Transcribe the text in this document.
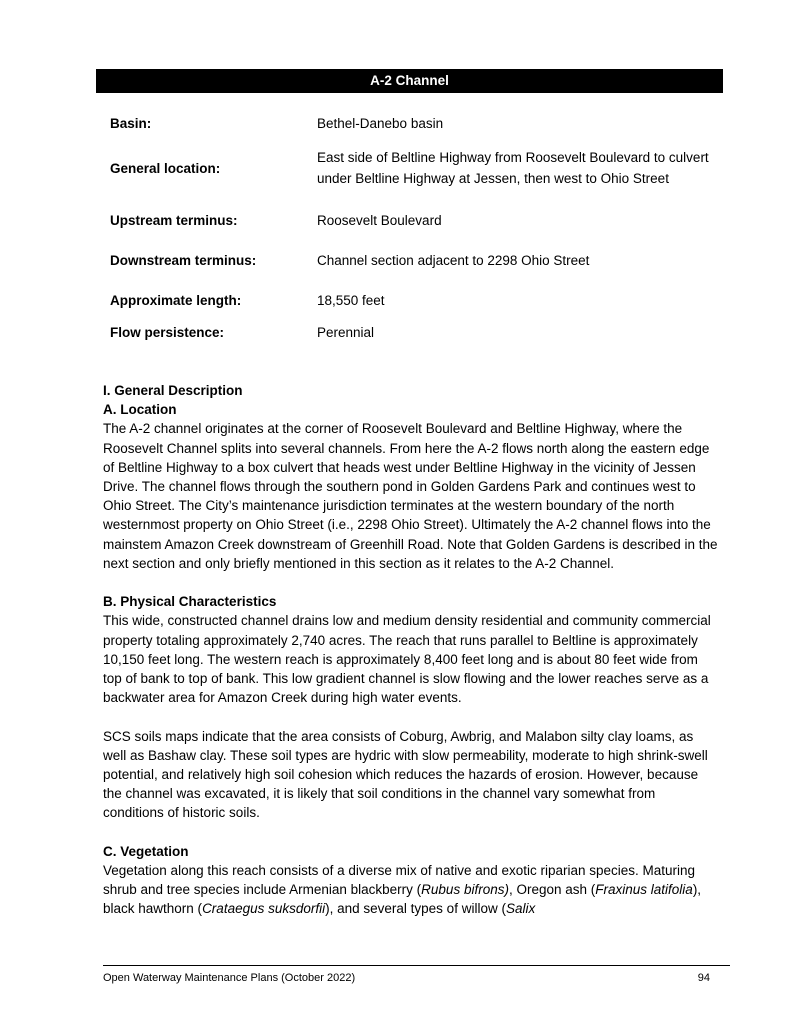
A-2 Channel
Basin:	Bethel-Danebo basin
General location:
East side of Beltline Highway from Roosevelt Boulevard to culvert under Beltline Highway at Jessen, then west to Ohio Street
Upstream terminus:	Roosevelt Boulevard
Downstream terminus:	Channel section adjacent to 2298 Ohio Street
Approximate length:	18,550 feet
Flow persistence:	Perennial

I. General Description

A. Location

The A-2 channel originates at the corner of Roosevelt Boulevard and Beltline Highway, where the Roosevelt Channel splits into several channels. From here the A-2 flows north along the eastern edge of Beltline Highway to a box culvert that heads west under Beltline Highway in the vicinity of Jessen Drive. The channel flows through the southern pond in Golden Gardens Park and continues west to Ohio Street. The City’s maintenance jurisdiction terminates at the western boundary of the north westernmost property on Ohio Street (i.e., 2298 Ohio Street). Ultimately the A-2 channel flows into the mainstem Amazon Creek downstream of Greenhill Road. Note that Golden Gardens is described in the next section and only briefly mentioned in this section as it relates to the A-2 Channel.

B. Physical Characteristics

This wide, constructed channel drains low and medium density residential and community commercial property totaling approximately 2,740 acres. The reach that runs parallel to Beltline is approximately 10,150 feet long. The western reach is approximately 8,400 feet long and is about 80 feet wide from top of bank to top of bank. This low gradient channel is slow flowing and the lower reaches serve as a backwater area for Amazon Creek during high water events.

SCS soils maps indicate that the area consists of Coburg, Awbrig, and Malabon silty clay loams, as well as Bashaw clay. These soil types are hydric with slow permeability, moderate to high shrink-swell potential, and relatively high soil cohesion which reduces the hazards of erosion. However, because the channel was excavated, it is likely that soil conditions in the channel vary somewhat from conditions of historic soils.

C. Vegetation

Vegetation along this reach consists of a diverse mix of native and exotic riparian species. Maturing shrub and tree species include Armenian blackberry (Rubus bifrons), Oregon ash (Fraxinus latifolia), black hawthorn (Crataegus suksdorfii), and several types of willow (Salix

Open Waterway Maintenance Plans (October 2022)	94
